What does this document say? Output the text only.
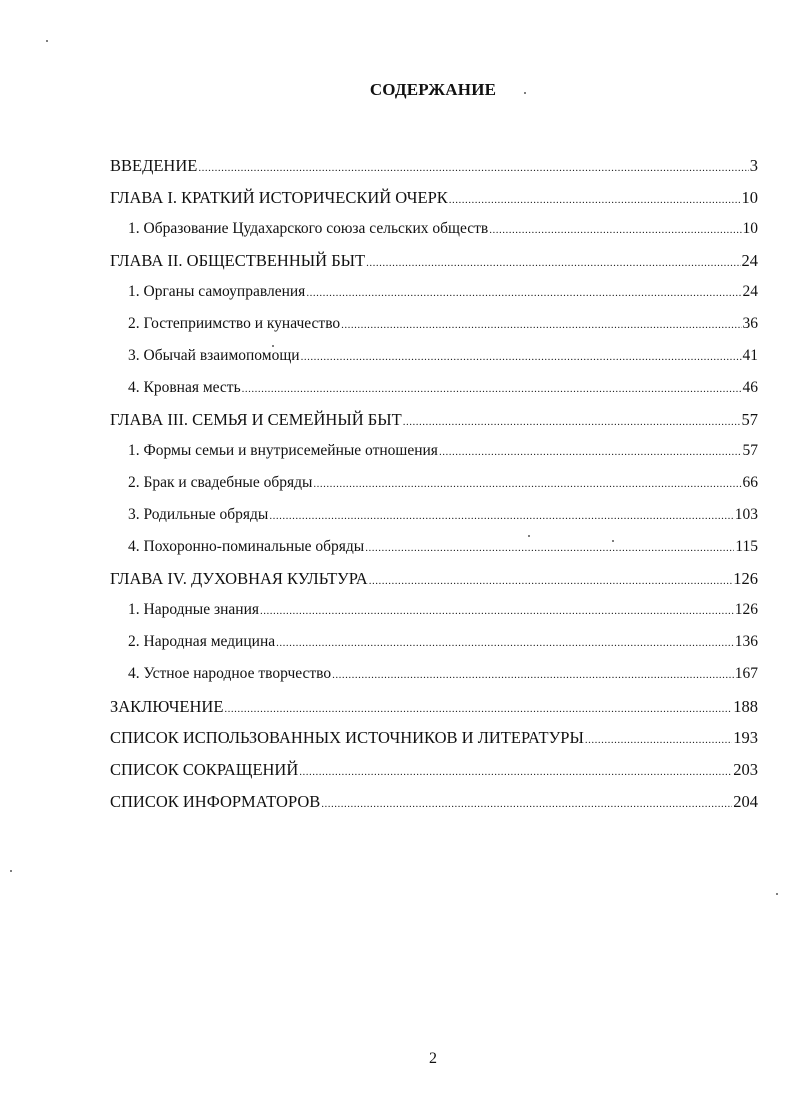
СОДЕРЖАНИЕ
ВВЕДЕНИЕ .....	3
ГЛАВА I. КРАТКИЙ ИСТОРИЧЕСКИЙ ОЧЕРК .....	10
1. Образование Цудахарского союза сельских обществ .....	10
ГЛАВА II. ОБЩЕСТВЕННЫЙ БЫТ .....	24
1. Органы самоуправления .....	24
2. Гостеприимство и куначество .....	36
3. Обычай взаимопомощи .....	41
4. Кровная месть .....	46
ГЛАВА III. СЕМЬЯ И СЕМЕЙНЫЙ БЫТ .....	57
1. Формы семьи и внутрисемейные отношения .....	57
2. Брак и свадебные обряды .....	66
3. Родильные обряды .....	103
4. Похоронно-поминальные обряды .....	115
ГЛАВА IV. ДУХОВНАЯ КУЛЬТУРА .....	126
1. Народные знания .....	126
2. Народная медицина .....	136
4. Устное народное творчество .....	167
ЗАКЛЮЧЕНИЕ .....	188
СПИСОК ИСПОЛЬЗОВАННЫХ ИСТОЧНИКОВ И ЛИТЕРАТУРЫ .....	193
СПИСОК СОКРАЩЕНИЙ .....	203
СПИСОК ИНФОРМАТОРОВ .....	204
2
